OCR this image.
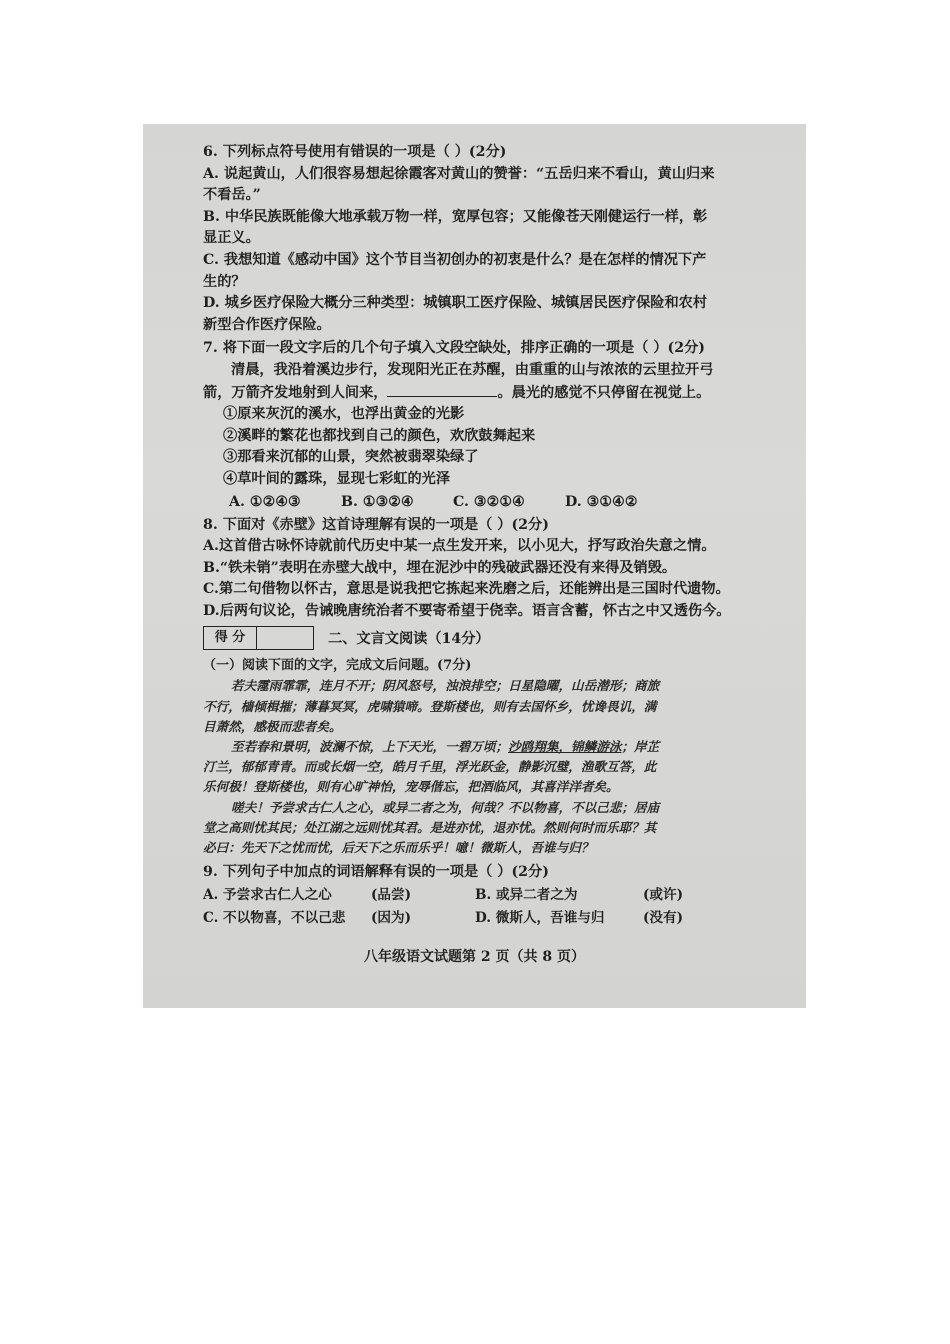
6. 下列标点符号使用有错误的一项是（ ）(2分)
A. 说起黄山，人们很容易想起徐霞客对黄山的赞誉：“五岳归来不看山，黄山归来
不看岳。”
B. 中华民族既能像大地承载万物一样，宽厚包容；又能像苍天刚健运行一样，彰
显正义。
C. 我想知道《感动中国》这个节目当初创办的初衷是什么？是在怎样的情况下产
生的？
D. 城乡医疗保险大概分三种类型：城镇职工医疗保险、城镇居民医疗保险和农村
新型合作医疗保险。
7. 将下面一段文字后的几个句子填入文段空缺处，排序正确的一项是（ ）(2分)
清晨，我沿着溪边步行，发现阳光正在苏醒，由重重的山与浓浓的云里拉开弓
箭，万箭齐发地射到人间来，	。晨光的感觉不只停留在视觉上。
①原来灰沉的溪水，也浮出黄金的光影
②溪畔的繁花也都找到自己的颜色，欢欣鼓舞起来
③那看来沉郁的山景，突然被翡翠染绿了
④草叶间的露珠，显现七彩虹的光泽
A. ①②④③	B. ①③②④	C. ③②①④	D. ③①④②
8. 下面对《赤壁》这首诗理解有误的一项是（ ）(2分)
A.这首借古咏怀诗就前代历史中某一点生发开来，以小见大，抒写政治失意之情。
B.“铁未销”表明在赤壁大战中，埋在泥沙中的残破武器还没有来得及销毁。
C.第二句借物以怀古，意思是说我把它拣起来洗磨之后，还能辨出是三国时代遗物。
D.后两句议论，告诫晚唐统治者不要寄希望于侥幸。语言含蓄，怀古之中又透伤今。
得 分	二、文言文阅读（14分）
（一）阅读下面的文字，完成文后问题。(7分)
若夫霪雨霏霏，连月不开；阴风怒号，浊浪排空；日星隐曜，山岳潜形；商旅
不行，樯倾楫摧；薄暮冥冥，虎啸猿啼。登斯楼也，则有去国怀乡，忧谗畏讥，满
目萧然，感极而悲者矣。
至若春和景明，波澜不惊，上下天光，一碧万顷；沙鸥翔集，锦鳞游泳；岸芷
汀兰，郁郁青青。而或长烟一空，皓月千里，浮光跃金，静影沉璧，渔歌互答，此
乐何极！登斯楼也，则有心旷神怡，宠辱偕忘，把酒临风，其喜洋洋者矣。
嗟夫！予尝求古仁人之心，或异二者之为，何哉？不以物喜，不以己悲；居庙
堂之高则忧其民；处江湖之远则忧其君。是进亦忧，退亦忧。然则何时而乐耶？其
必曰：先天下之忧而忧，后天下之乐而乐乎！噫！微斯人，吾谁与归？
9. 下列句子中加点的词语解释有误的一项是（ ）(2分)
A. 予尝求古仁人之心	(品尝)	B. 或异二者之为	(或许)
C. 不以物喜，不以己悲	(因为)	D. 微斯人，吾谁与归	(没有)
八年级语文试题第 2 页（共 8 页）
